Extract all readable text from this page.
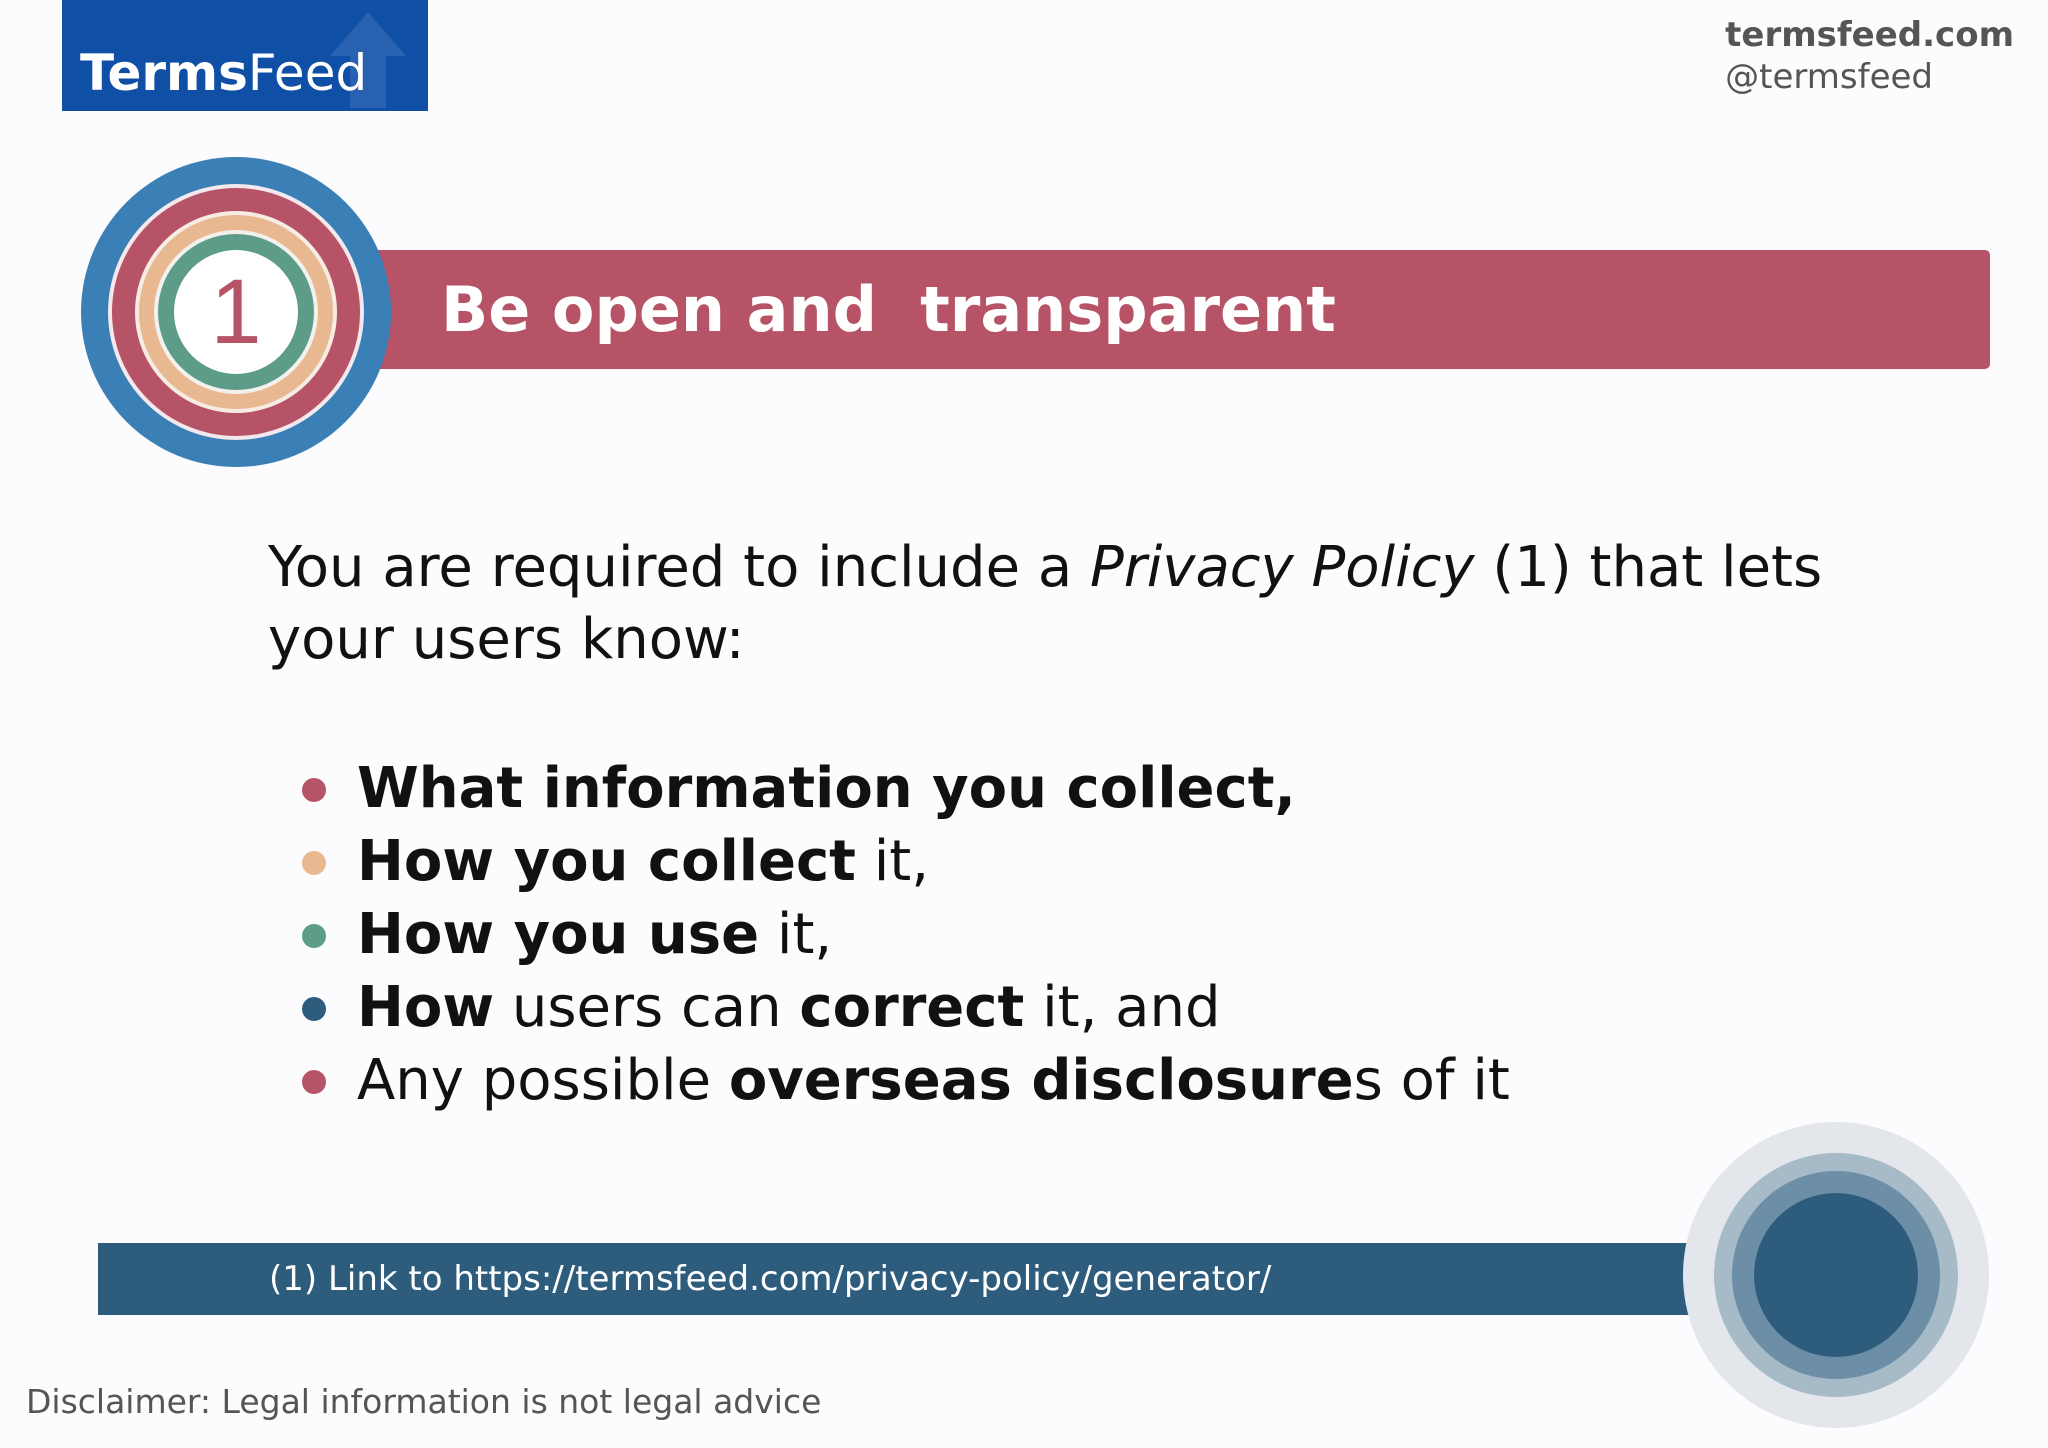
TermsFeed
termsfeed.com
@termsfeed
Be open and  transparent
1
You are required to include a Privacy Policy (1) that lets your users know:
What information you collect,
How you collect it,
How you use it,
How users can correct it, and
Any possible overseas disclosures of it
(1) Link to https://termsfeed.com/privacy-policy/generator/
Disclaimer: Legal information is not legal advice
